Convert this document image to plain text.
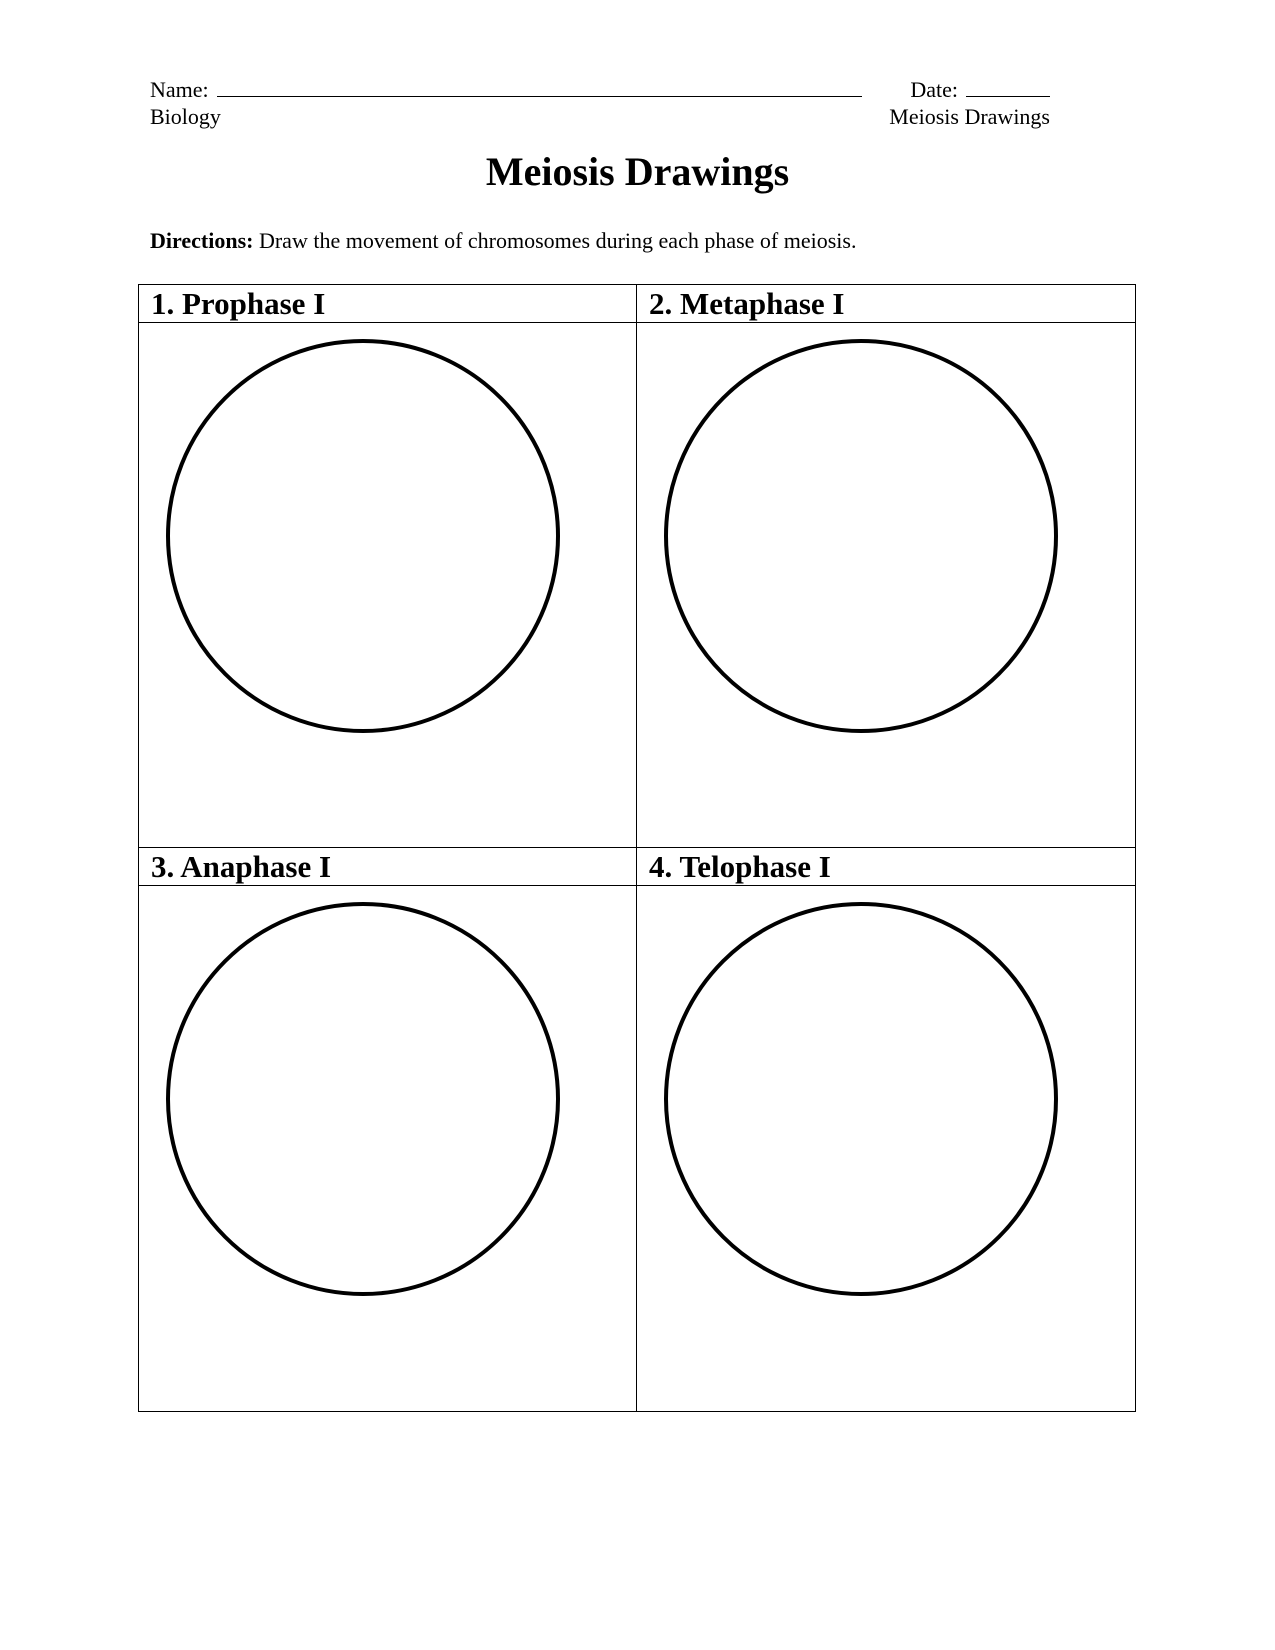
Name:	Date:
Biology	Meiosis Drawings
Meiosis Drawings
Directions: Draw the movement of chromosomes during each phase of meiosis.
1. Prophase I	2. Metaphase I
3. Anaphase I	4. Telophase I
